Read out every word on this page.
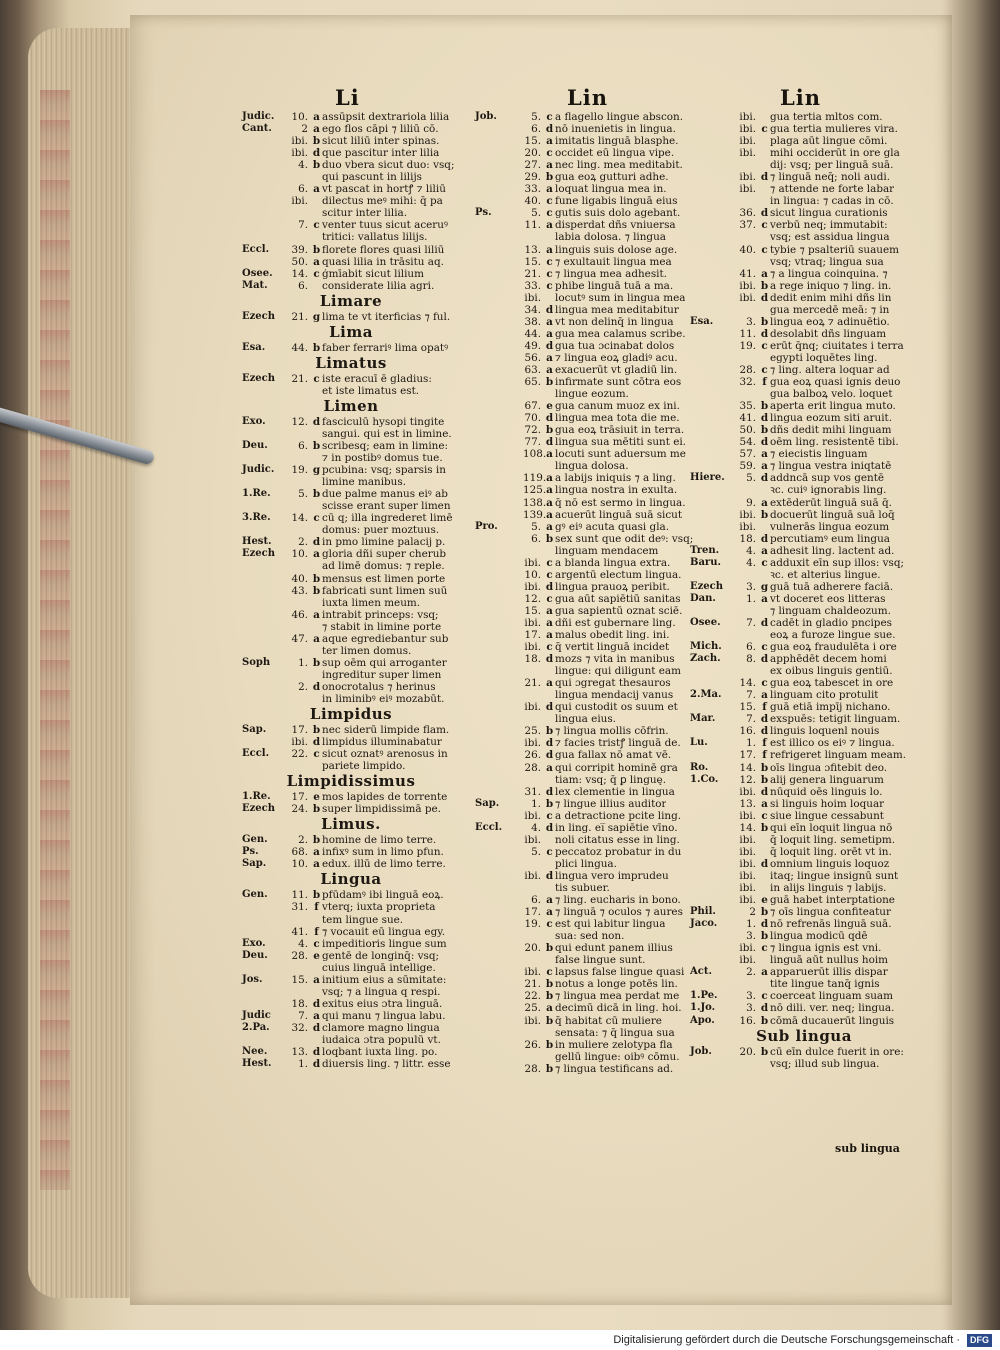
Li	Lin	Lin
Judic.	10. a assūpsit dextrariola lilia
Cant.	2 a ego flos cāpi ⁊ liliū cō.
ibi. b sicut liliū inter spinas.
ibi. d que pascitur inter lilia
4. b duo vbera sicut duo: vsq;
qui pascunt in lilijs
6. a vt pascat in hortꝭ ⁊ liliū
ibi. dilectus meꝰ mihi: q̄ pa
scitur inter lilia.
7. c venter tuus sicut aceruꝰ
tritici: vallatus lilijs.
Eccl.	39. b florete flores quasi liliū
50. a quasi lilia in trāsitu aq.
Osee.	14. c ģmīabit sicut lilium
Mat.	6. considerate lilia agri.
Limare
Ezech	21. g lima te vt iterficias ⁊ ful.
Lima
Esa.	44. b faber ferrariꝰ lima opatꝰ
Limatus
Ezech	21. c iste eracuī ē gladius:
et iste limatus est.
Limen
Exo.	12. d fasciculū hysopi tingite
sangui. qui est in limine.
Deu.	6. b scribesq; eam in limine:
⁊ in postibꝰ domus tue.
Judic.	19. g pcubina: vsq; sparsis in
limine manibus.
1.Re.	5. b due palme manus eiꝰ ab
scisse erant super limen
3.Re.	14. c cū q; illa ingrederet limē
domus: puer moztuus.
Hest.	2. d in pmo limine palacij p.
Ezech	10. a gloria dñi super cherub
ad limē domus: ⁊ reple.
40. b mensus est limen porte
43. b fabricati sunt limen suū
iuxta limen meum.
46. a intrabit princeps: vsq;
⁊ stabit in limine porte
47. a aque egrediebantur sub
ter limen domus.
Soph	1. b sup oēm qui arroganter
ingreditur super limen
2. d onocrotalus ⁊ herinus
in liminibꝰ eiꝰ mozabūt.
Limpidus
Sap.	17. b nec siderū limpide flam.
ibi. d limpidus illuminabatur
Eccl.	22. c sicut oznatꝰ arenosus in
pariete limpido.
Limpidissimus
1.Re.	17. e mos lapides de torrente
Ezech	24. b super limpidissimā pe.
Limus.
Gen.	2. b homine de limo terre.
Ps.	68. a infixꝰ sum in limo pfun.
Sap.	10. a edux. illū de limo terre.
Lingua
Gen.	11. b pfūdamꝰ ibi linguā eoꝝ.
31. f vterq; iuxta proprieta
tem lingue sue.
41. f ⁊ vocauit eū lingua egy.
Exo.	4. c impeditioris lingue sum
Deu.	28. e gentē de longinq̄: vsq;
cuius linguā intellige.
Jos.	15. a initium eius a sūmitate:
vsq; ⁊ a lingua q respi.
18. d exitus eius ɔtra linguā.
Judic	7. a qui manu ⁊ lingua labu.
2.Pa.	32. d clamore magno lingua
iudaica ɔtra populū vt.
Nee.	13. d loqbant iuxta ling. po.
Hest.	1. d diuersis ling. ⁊ littr. esse
Job.	5. c a flagello lingue abscon.
6. d nō inuenietis in lingua.
15. a imitatis linguā blasphe.
20. c occidet eū lingua vipe.
27. a nec ling. mea meditabit.
29. b gua eoꝝ gutturi adhe.
33. a loquat lingua mea in.
40. c fune ligabis linguā eius
Ps.	5. c gutis suis dolo agebant.
11. a disperdat dñs vniuersa
labia dolosa. ⁊ lingua
13. a linguis suis dolose age.
15. c ⁊ exultauit lingua mea
21. c ⁊ lingua mea adhesit.
33. c phibe linguā tuā a ma.
ibi. locutꝰ sum in lingua mea
34. d lingua mea meditabitur
38. a vt non delinq̄ in lingua
44. a gua mea calamus scribe.
49. d gua tua ɔcinabat dolos
56. a ⁊ lingua eoꝝ gladiꝰ acu.
63. a exacuerūt vt gladiū lin.
65. b infirmate sunt cōtra eos
lingue eozum.
67. e gua canum muoz ex ini.
70. d lingua mea tota die me.
72. b gua eoꝝ trāsiuit in terra.
77. d lingua sua mētiti sunt ei.
108. a locuti sunt aduersum me
lingua dolosa.
119. a a labijs iniquis ⁊ a ling.
125. a lingua nostra in exulta.
138. a q̄ nō est sermo in lingua.
139. a acuerūt linguā suā sicut
Pro.	5. a gꝰ eiꝰ acuta quasi gla.
6. b sex sunt que odit deꝰ: vsq;
linguam mendacem
ibi. c a blanda lingua extra.
10. c argentū electum lingua.
ibi. d lingua prauoꝝ peribit.
12. c gua aūt sapiētiū sanitas
15. a gua sapientū oznat sciē.
ibi. a dñi est gubernare ling.
17. a malus obedit ling. ini.
ibi. c q̄ vertit linguā incidet
18. d mozs ⁊ vita in manibus
lingue: qui diligunt eam
21. a qui ɔgregat thesauros
lingua mendacij vanus
ibi. d qui custodit os suum et
lingua eius.
25. b ⁊ lingua mollis cōfrin.
ibi. d ⁊ facies tristꝭ linguā de.
26. d gua fallax nō amat vē.
28. a qui corripit hominē gra
tiam: vsq; q̄ ꝑ linguę.
31. d lex clementie in lingua
Sap.	1. b ⁊ lingue illius auditor
ibi. c a detractione pcite ling.
Eccl.	4. d in ling. ei̅ sapiētie vīno.
ibi. noli citatus esse in ling.
5. c peccatoz probatur in du
plici lingua.
ibi. d lingua vero imprudeu
tis subuer.
6. a ⁊ ling. eucharis in bono.
17. a ⁊ linguā ⁊ oculos ⁊ aures
19. c est qui labitur lingua
sua: sed non.
20. b qui edunt panem illius
false lingue sunt.
ibi. c lapsus false lingue quasi
21. b notus a longe potēs lin.
22. b ⁊ lingua mea perdat me
25. a decimū dicā in ling. hoi.
ibi. b q̄ habitat cū muliere
sensata: ⁊ q̄ lingua sua
26. b in muliere zelotypa fla
gellū lingue: oibꝰ cōmu.
28. b ⁊ lingua testificans ad.
ibi. gua tertia mltos com.
ibi. c gua tertia mulieres vira.
ibi. plaga aūt lingue cōmi.
ibi. mihi occiderūt in ore gla
dij: vsq; per linguā suā.
ibi. d ⁊ linguā neq̄; noli audi.
ibi. ⁊ attende ne forte labar
in lingua: ⁊ cadas in cō.
36. d sicut lingua curationis
37. c verbū neq; immutabit:
vsq; est assidua lingua
40. c tybie ⁊ psalteriū suauem
vsq; vtraq; lingua sua
41. a ⁊ a lingua coinquina. ⁊
ibi. b a rege iniquo ⁊ ling. in.
ibi. d dedit enim mihi dñs lin
gua mercedē meā: ⁊ in
Esa.	3. b lingua eoꝝ ⁊ adinuētio.
11. d desolabit dñs linguam
19. c erūt q̄nq; ciuitates i terra
egypti loquētes ling.
28. c ⁊ ling. altera loquar ad
32. f gua eoꝝ quasi ignis deuo
gua balboꝝ velo. loquet
35. b aperta erit lingua muto.
41. d lingua eozum siti aruit.
50. b dñs dedit mihi linguam
54. d oēm ling. resistentē tibi.
57. a ⁊ eiecistis linguam
59. a ⁊ lingua vestra iniqtatē
Hiere.	5. d addncā sup vos gentē
ꝛc. cuiꝰ ignorabis ling.
9. a extēderūt linguā suā q̄.
ibi. b docuerūt linguā suā loq̄
ibi. vulnerās lingua eozum
18. d percutiamꝰ eum lingua
Tren.	4. a adhesit ling. lactent̄ ad.
Baru.	4. c adduxit eīn sup illos: vsq;
ꝛc. et alterius lingue.
Ezech	3. g guā tuā adherere faciā.
Dan.	1. a vt doceret eos litteras
⁊ linguam chaldeozum.
Osee.	7. d cadēt in gladio pncipes
eoꝝ a furoze lingue sue.
Mich.	6. c gua eoꝝ fraudulēta i ore
Zach.	8. d apphēdēt decem homi
ex oibus linguis gentiū.
14. c gua eoꝝ tabescet in ore
2.Ma.	7. a linguam cito protulit
15. f guā etiā impīj nichano.
Mar.	7. d exspuēs: tetigit linguam.
16. d linguis loquenl nouis
Lu.	1. f est illico os eiꝰ ⁊ lingua.
17. f refrigeret linguam meam.
Ro.	14. b oīs lingua ɔfitebit deo.
1.Co.	12. b alij genera linguarum
ibi. d nūquid oēs linguis lo.
13. a si linguis hoim loquar
ibi. c siue lingue cessabunt
14. b qui eīn loquit lingua nō
ibi. q̄ loquit ling. semetipm.
ibi. q̄ loquit ling. orēt vt in.
ibi. d omnium linguis loquoz
ibi. itaq; lingue insignū sunt
ibi. in alijs linguis ⁊ labijs.
ibi. e guā habet interptatione
Phil.	2 b ⁊ oīs lingua confiteatur
Jaco.	1. d nō refrenās linguā suā.
3. b lingua modicū qdē
ibi. c ⁊ lingua ignis est vni.
ibi. linguā aūt nullus hoim
Act.	2. a apparuerūt illis dispar
tite lingue tanq̄ ignis
1.Pe.	3. c coerceat linguam suam
1.Jo.	3. d nō dili. ver. neq; lingua.
Apo.	16. b cōmā ducauerūt linguis
Sub lingua
Job.	20. b cū eīn dulce fuerit in ore:
vsq; illud sub lingua.
sub lingua
Digitalisierung gefördert durch die Deutsche Forschungsgemeinschaft ·	DFG
